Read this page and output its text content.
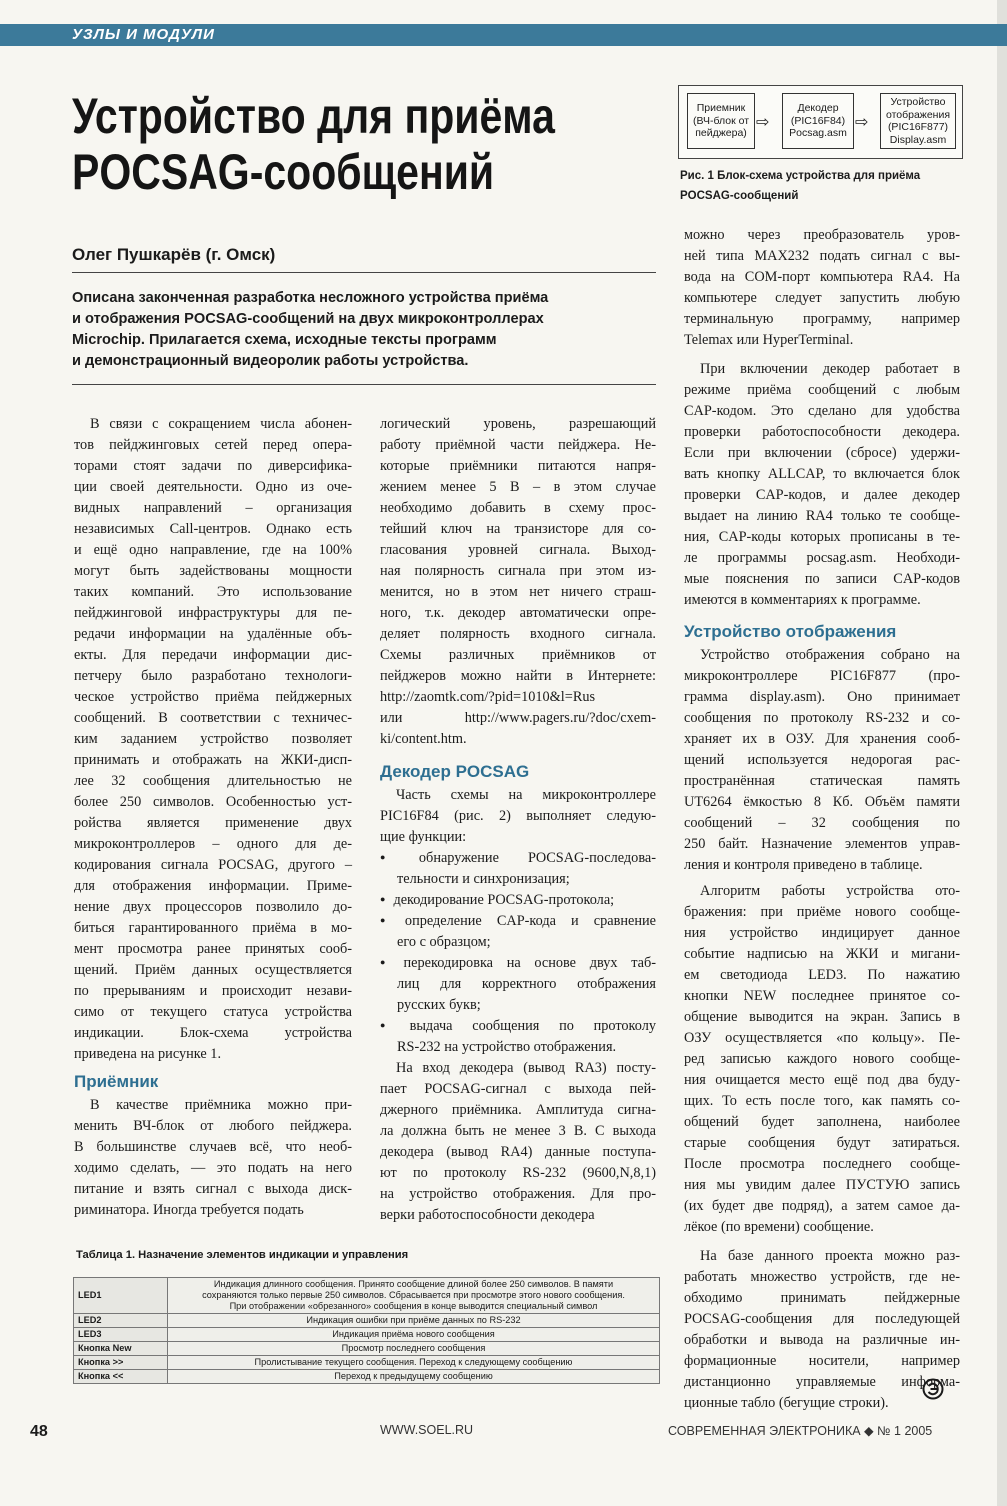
УЗЛЫ И МОДУЛИ
Устройство для приёма
POCSAG-сообщений
Олег Пушкарёв (г. Омск)
Описана законченная разработка несложного устройства приёма
и отображения POCSAG-сообщений на двух микроконтроллерах
Microchip. Прилагается схема, исходные тексты программ
и демонстрационный видеоролик работы устройства.
Приемник (ВЧ-блок от пейджера)
⇨
Декодер (PIC16F84) Pocsag.asm
⇨
Устройство отображения (PIC16F877) Display.asm
Рис. 1 Блок-схема устройства для приёма
POCSAG-сообщений
В связи с сокращением числа абонен-
тов пейджинговых сетей перед опера-
торами стоят задачи по диверсифика-
ции своей деятельности. Одно из оче-
видных направлений – организация
независимых Call-центров. Однако есть
и ещё одно направление, где на 100%
могут быть задействованы мощности
таких компаний. Это использование
пейджинговой инфраструктуры для пе-
редачи информации на удалённые объ-
екты. Для передачи информации дис-
петчеру было разработано технологи-
ческое устройство приёма пейджерных
сообщений. В соответствии с техничес-
ким заданием устройство позволяет
принимать и отображать на ЖКИ-дисп-
лее 32 сообщения длительностью не
более 250 символов. Особенностью уст-
ройства является применение двух
микроконтроллеров – одного для де-
кодирования сигнала POCSAG, другого –
для отображения информации. Приме-
нение двух процессоров позволило до-
биться гарантированного приёма в мо-
мент просмотра ранее принятых сооб-
щений. Приём данных осуществляется
по прерываниям и происходит незави-
симо от текущего статуса устройства
индикации. Блок-схема устройства
приведена на рисунке 1.
Приёмник
В качестве приёмника можно при-
менить ВЧ-блок от любого пейджера.
В большинстве случаев всё, что необ-
ходимо сделать, — это подать на него
питание и взять сигнал с выхода диск-
риминатора. Иногда требуется подать
логический уровень, разрешающий
работу приёмной части пейджера. Не-
которые приёмники питаются напря-
жением менее 5 В – в этом случае
необходимо добавить в схему прос-
тейший ключ на транзисторе для со-
гласования уровней сигнала. Выход-
ная полярность сигнала при этом из-
менится, но в этом нет ничего страш-
ного, т.к. декодер автоматически опре-
деляет полярность входного сигнала.
Схемы различных приёмников от
пейджеров можно найти в Интернете:
http://zaomtk.com/?pid=1010&l=Rus
или http://www.pagers.ru/?doc/cxem-
ki/content.htm.
Декодер POCSAG
Часть схемы на микроконтроллере
PIC16F84 (рис. 2) выполняет следую-
щие функции:
● обнаружение POCSAG-последова-
тельности и синхронизация;
● декодирование POCSAG-протокола;
● определение CAP-кода и сравнение
его с образцом;
● перекодировка на основе двух таб-
лиц для корректного отображения
русских букв;
● выдача сообщения по протоколу
RS-232 на устройство отображения.
На вход декодера (вывод RA3) посту-
пает POCSAG-сигнал с выхода пей-
джерного приёмника. Амплитуда сигна-
ла должна быть не менее 3 В. С выхода
декодера (вывод RA4) данные поступа-
ют по протоколу RS-232 (9600,N,8,1)
на устройство отображения. Для про-
верки работоспособности декодера
можно через преобразователь уров-
ней типа MAX232 подать сигнал с вы-
вода на COM-порт компьютера RA4. На
компьютере следует запустить любую
терминальную программу, например
Telemax или HyperTerminal.
При включении декодер работает в
режиме приёма сообщений с любым
CAP-кодом. Это сделано для удобства
проверки работоспособности декодера.
Если при включении (сбросе) удержи-
вать кнопку ALLCAP, то включается блок
проверки CAP-кодов, и далее декодер
выдает на линию RA4 только те сообще-
ния, CAP-коды которых прописаны в те-
ле программы pocsag.asm. Необходи-
мые пояснения по записи CAP-кодов
имеются в комментариях к программе.
Устройство отображения
Устройство отображения собрано на
микроконтроллере PIC16F877 (про-
грамма display.asm). Оно принимает
сообщения по протоколу RS-232 и со-
храняет их в ОЗУ. Для хранения сооб-
щений используется недорогая рас-
пространённая статическая память
UT6264 ёмкостью 8 Кб. Объём памяти
сообщений – 32 сообщения по
250 байт. Назначение элементов управ-
ления и контроля приведено в таблице.
Алгоритм работы устройства ото-
бражения: при приёме нового сообще-
ния устройство индицирует данное
событие надписью на ЖКИ и мигани-
ем светодиода LED3. По нажатию
кнопки NEW последнее принятое со-
общение выводится на экран. Запись в
ОЗУ осуществляется «по кольцу». Пе-
ред записью каждого нового сообще-
ния очищается место ещё под два буду-
щих. То есть после того, как память со-
общений будет заполнена, наиболее
старые сообщения будут затираться.
После просмотра последнего сообще-
ния мы увидим далее ПУСТУЮ запись
(их будет две подряд), а затем самое да-
лёкое (по времени) сообщение.
На базе данного проекта можно раз-
работать множество устройств, где не-
обходимо принимать пейджерные
POCSAG-сообщения для последующей
обработки и вывода на различные ин-
формационные носители, например
дистанционно управляемые информа-
ционные табло (бегущие строки).
Таблица 1. Назначение элементов индикации и управления
LED1	Индикация длинного сообщения. Принято сообщение длиной более 250 символов. В памяти
сохраняются только первые 250 символов. Сбрасывается при просмотре этого нового сообщения.
При отображении «обрезанного» сообщения в конце выводится специальный символ

LED2	Индикация ошибки при приёме данных по RS-232

LED3	Индикация приёма нового сообщения

Кнопка New	Просмотр последнего сообщения

Кнопка >>	Пролистывание текущего сообщения. Переход к следующему сообщению

Кнопка <<	Переход к предыдущему сообщению
48	WWW.SOEL.RU	СОВРЕМЕННАЯ ЭЛЕКТРОНИКА ◆ № 1 2005
